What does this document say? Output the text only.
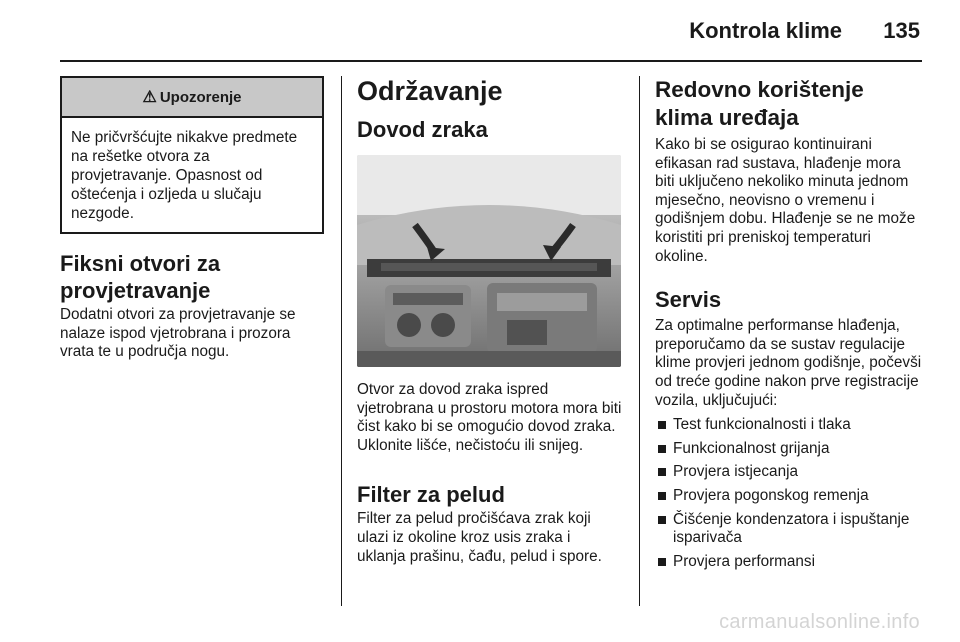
Kontrola klime 135
⚠ Upozorenje
Ne pričvršćujte nikakve predmete na rešetke otvora za provjetravanje. Opasnost od oštećenja i ozljeda u slučaju nezgode.
Fiksni otvori za provjetravanje

Dodatni otvori za provjetravanje se nalaze ispod vjetrobrana i prozora vrata te u područja nogu.

Održavanje
Dovod zraka

Otvor za dovod zraka ispred vjetrobrana u prostoru motora mora biti čist kako bi se omogućio dovod zraka. Uklonite lišće, nečistoću ili snijeg.

Filter za pelud

Filter za pelud pročišćava zrak koji ulazi iz okoline kroz usis zraka i uklanja prašinu, čađu, pelud i spore.

Redovno korištenje klima uređaja

Kako bi se osigurao kontinuirani efikasan rad sustava, hlađenje mora biti uključeno nekoliko minuta jednom mjesečno, neovisno o vremenu i godišnjem dobu. Hlađenje se ne može koristiti pri preniskoj temperaturi okoline.

Servis

Za optimalne performanse hlađenja, preporučamo da se sustav regulacije klime provjeri jednom godišnje, počevši od treće godine nakon prve registracije vozila, uključujući:

Test funkcionalnosti i tlaka
Funkcionalnost grijanja
Provjera istjecanja
Provjera pogonskog remenja
Čišćenje kondenzatora i ispuštanje isparivača
Provjera performansi
carmanualsonline.info
